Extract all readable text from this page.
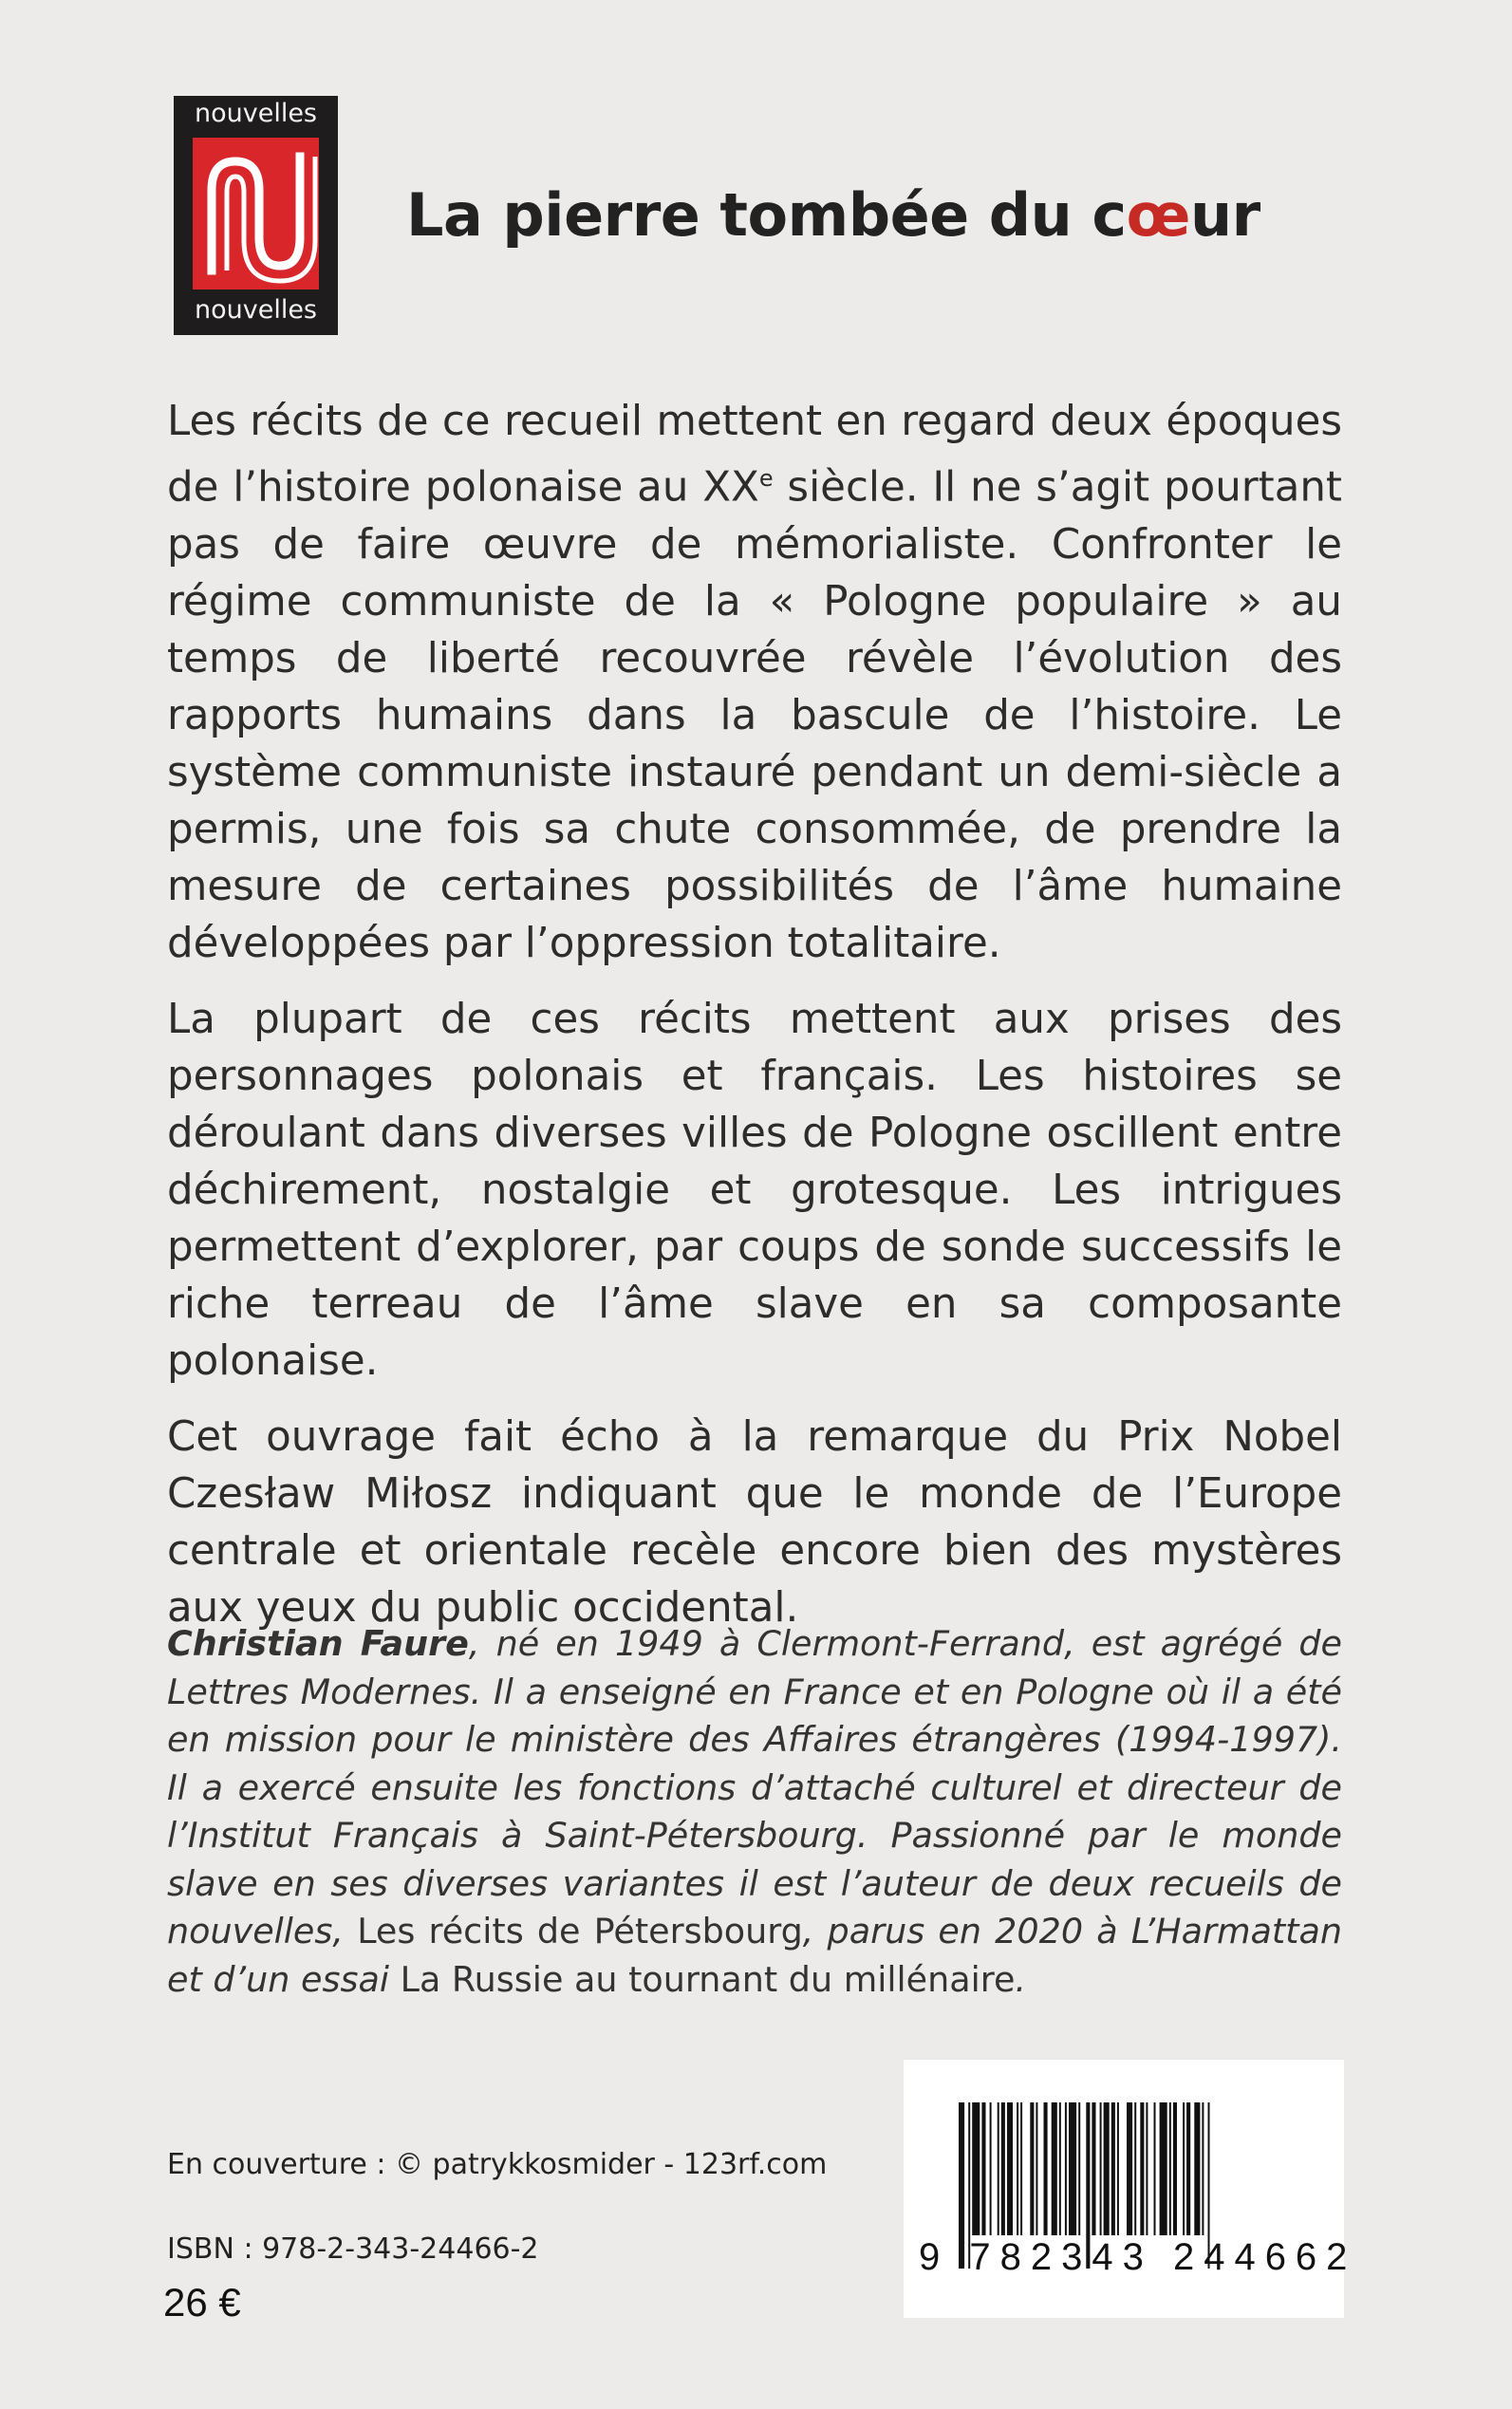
nouvelles
nouvelles
La pierre tombée du cœur

Les récits de ce recueil mettent en regard deux époques de l’histoire polonaise au XXe siècle. Il ne s’agit pourtant pas de faire œuvre de mémorialiste. Confronter le régime communiste de la « Pologne populaire » au temps de liberté recouvrée révèle l’évolution des rapports humains dans la bascule de l’histoire. Le système communiste instauré pendant un demi-siècle a permis, une fois sa chute consommée, de prendre la mesure de certaines possibilités de l’âme humaine développées par l’oppression totalitaire.

La plupart de ces récits mettent aux prises des personnages polonais et français. Les histoires se déroulant dans diverses villes de Pologne oscillent entre déchirement, nostalgie et grotesque. Les intrigues permettent d’explorer, par coups de sonde successifs le riche terreau de l’âme slave en sa composante polonaise.

Cet ouvrage fait écho à la remarque du Prix Nobel Czesław Miłosz indiquant que le monde de l’Europe centrale et orientale recèle encore bien des mystères aux yeux du public occidental.

Christian Faure, né en 1949 à Clermont-Ferrand, est agrégé de Lettres Modernes. Il a enseigné en France et en Pologne où il a été en mission pour le ministère des Affaires étrangères (1994-1997). Il a exercé ensuite les fonctions d’attaché culturel et directeur de l’Institut Français à Saint-Pétersbourg. Passionné par le monde slave en ses diverses variantes il est l’auteur de deux recueils de nouvelles, Les récits de Pétersbourg, parus en 2020 à L’Harmattan et d’un essai La Russie au tournant du millénaire.
En couverture : © patrykkosmider - 123rf.com
ISBN : 978-2-343-24466-2
26 €
9 782343 244662
